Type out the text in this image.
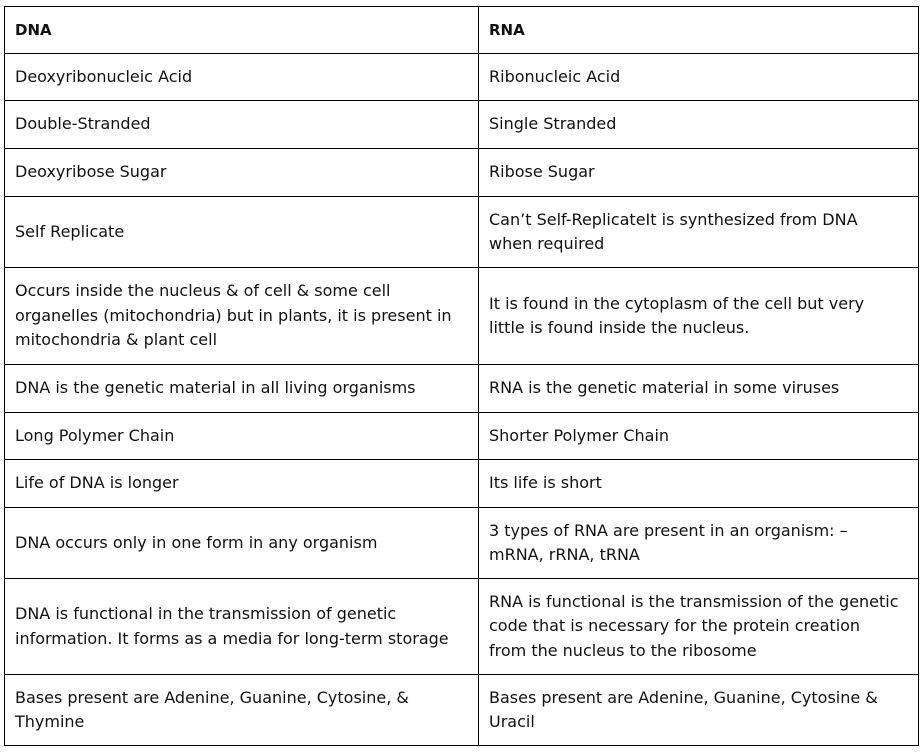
DNA	RNA

Deoxyribonucleic Acid	Ribonucleic Acid

Double-Stranded	Single Stranded

Deoxyribose Sugar	Ribose Sugar

Self Replicate	Can’t Self-ReplicateIt is synthesized from DNA
when required

Occurs inside the nucleus & of cell & some cell
organelles (mitochondria) but in plants, it is present in
mitochondria & plant cell	It is found in the cytoplasm of the cell but very
little is found inside the nucleus.

DNA is the genetic material in all living organisms	RNA is the genetic material in some viruses

Long Polymer Chain	Shorter Polymer Chain

Life of DNA is longer	Its life is short

DNA occurs only in one form in any organism	3 types of RNA are present in an organism: –
mRNA, rRNA, tRNA

DNA is functional in the transmission of genetic
information. It forms as a media for long-term storage	RNA is functional is the transmission of the genetic
code that is necessary for the protein creation
from the nucleus to the ribosome

Bases present are Adenine, Guanine, Cytosine, &
Thymine	Bases present are Adenine, Guanine, Cytosine &
Uracil
